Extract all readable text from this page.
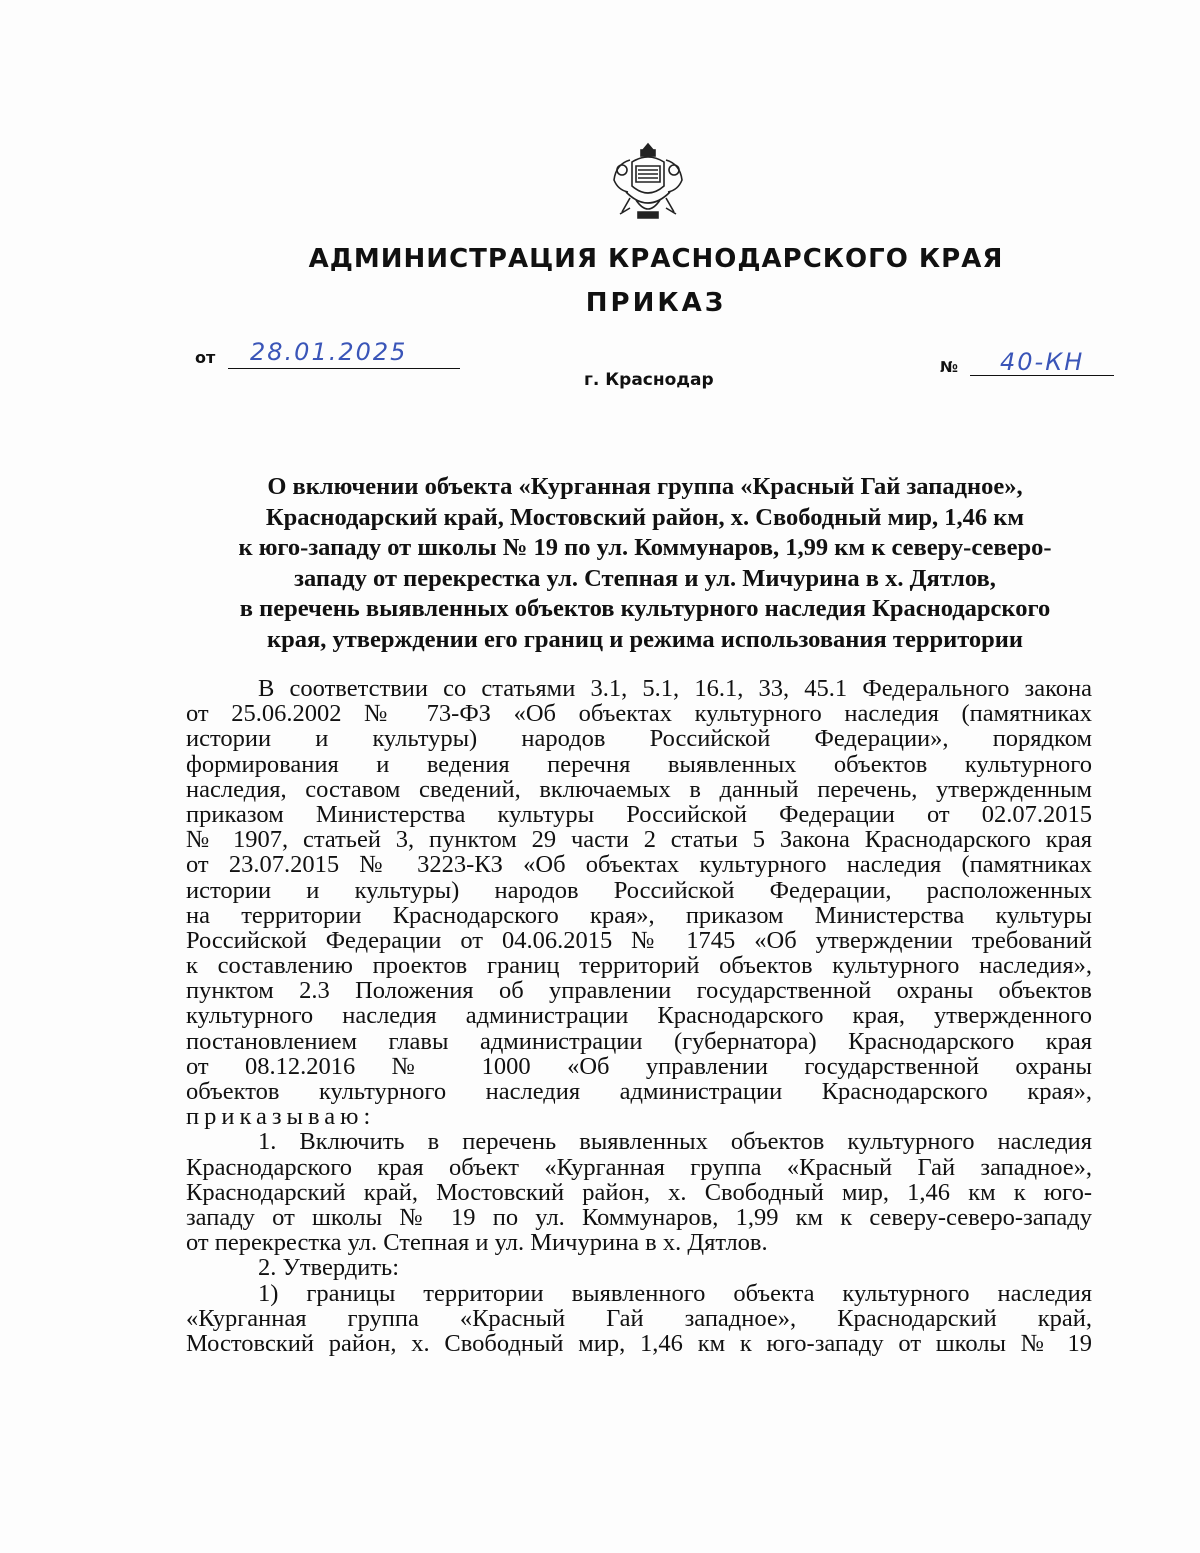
АДМИНИСТРАЦИЯ КРАСНОДАРСКОГО КРАЯ
ПРИКАЗ
от 28.01.2025
г. Краснодар
№ 40-КН
О включении объекта «Курганная группа «Красный Гай западное»,
Краснодарский край, Мостовский район, х. Свободный мир, 1,46 км
к юго-западу от школы № 19 по ул. Коммунаров, 1,99 км к северу-северо-
западу от перекрестка ул. Степная и ул. Мичурина в х. Дятлов,
в перечень выявленных объектов культурного наследия Краснодарского
края, утверждении его границ и режима использования территории
В соответствии со статьями 3.1, 5.1, 16.1, 33, 45.1 Федерального закона
от 25.06.2002 № 73-ФЗ «Об объектах культурного наследия (памятниках
истории и культуры) народов Российской Федерации», порядком
формирования и ведения перечня выявленных объектов культурного
наследия, составом сведений, включаемых в данный перечень, утвержденным
приказом Министерства культуры Российской Федерации от 02.07.2015
№ 1907, статьей 3, пунктом 29 части 2 статьи 5 Закона Краснодарского края
от 23.07.2015 № 3223-КЗ «Об объектах культурного наследия (памятниках
истории и культуры) народов Российской Федерации, расположенных
на территории Краснодарского края», приказом Министерства культуры
Российской Федерации от 04.06.2015 № 1745 «Об утверждении требований
к составлению проектов границ территорий объектов культурного наследия»,
пунктом 2.3 Положения об управлении государственной охраны объектов
культурного наследия администрации Краснодарского края, утвержденного
постановлением главы администрации (губернатора) Краснодарского края
от 08.12.2016 № 1000 «Об управлении государственной охраны
объектов культурного наследия администрации Краснодарского края»,
приказываю:
1. Включить в перечень выявленных объектов культурного наследия
Краснодарского края объект «Курганная группа «Красный Гай западное»,
Краснодарский край, Мостовский район, х. Свободный мир, 1,46 км к юго-
западу от школы № 19 по ул. Коммунаров, 1,99 км к северу-северо-западу
от перекрестка ул. Степная и ул. Мичурина в х. Дятлов.
2. Утвердить:
1) границы территории выявленного объекта культурного наследия
«Курганная группа «Красный Гай западное», Краснодарский край,
Мостовский район, х. Свободный мир, 1,46 км к юго-западу от школы № 19
